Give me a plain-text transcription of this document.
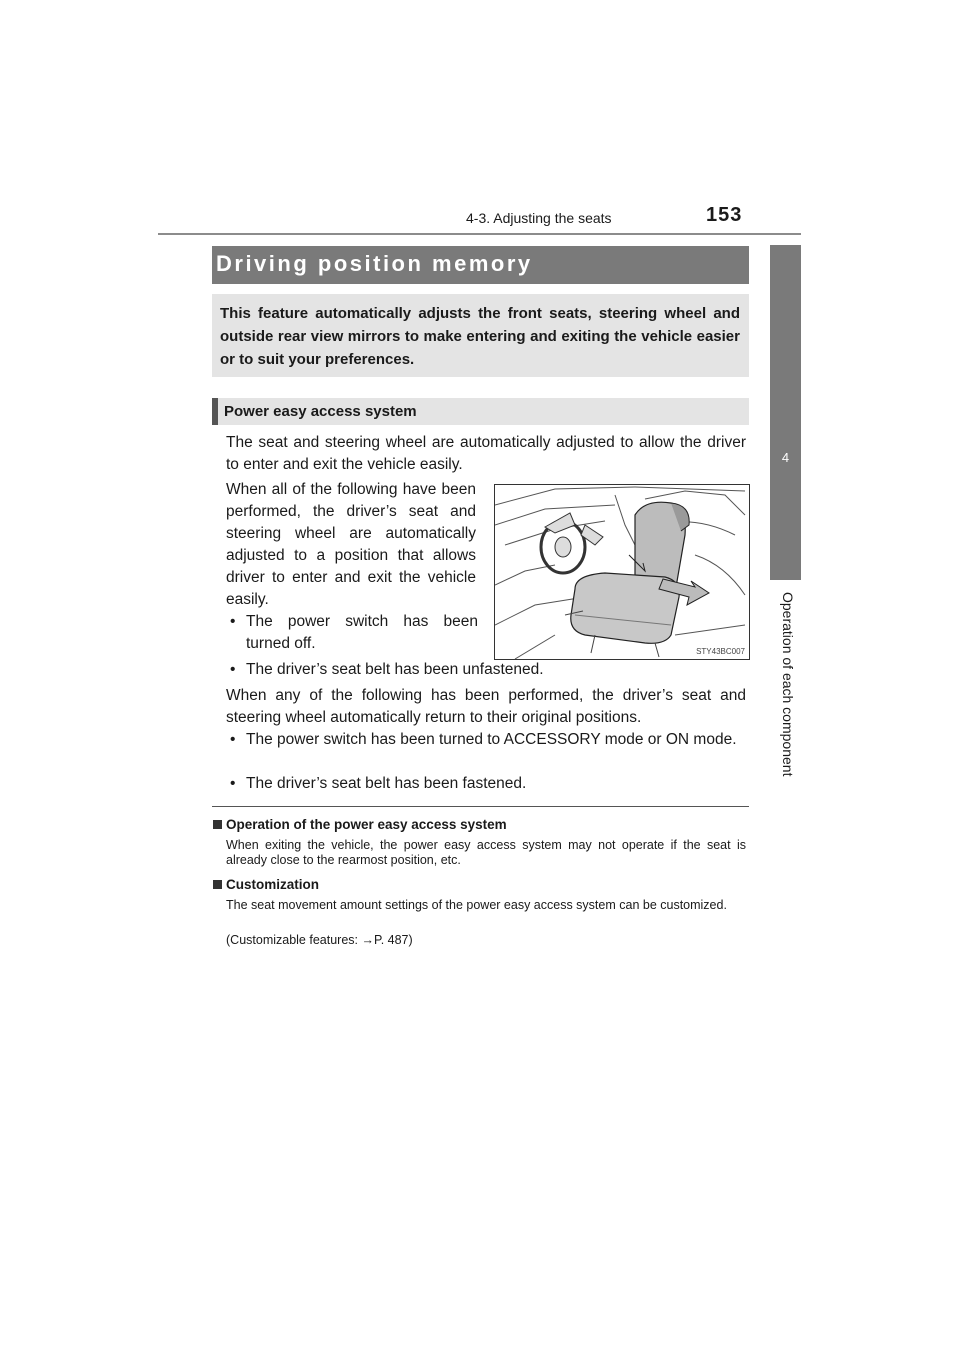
153
4-3. Adjusting the seats
4
Operation of each component
Driving position memory
This feature automatically adjusts the front seats, steering wheel and outside rear view mirrors to make entering and exiting the vehicle easier or to suit your preferences.
Power easy access system
The seat and steering wheel are automatically adjusted to allow the driver to enter and exit the vehicle easily.
When all of the following have been performed, the driver’s seat and steering wheel are automatically adjusted to a position that allows driver to enter and exit the vehicle easily.
• The power switch has been turned off.
• The driver’s seat belt has been unfastened.
STY43BC007
When any of the following has been performed, the driver’s seat and steering wheel automatically return to their original positions.
• The power switch has been turned to ACCESSORY mode or ON mode.
• The driver’s seat belt has been fastened.
Operation of the power easy access system
When exiting the vehicle, the power easy access system may not operate if the seat is already close to the rearmost position, etc.
Customization
The seat movement amount settings of the power easy access system can be customized.
(Customizable features: →P. 487)
